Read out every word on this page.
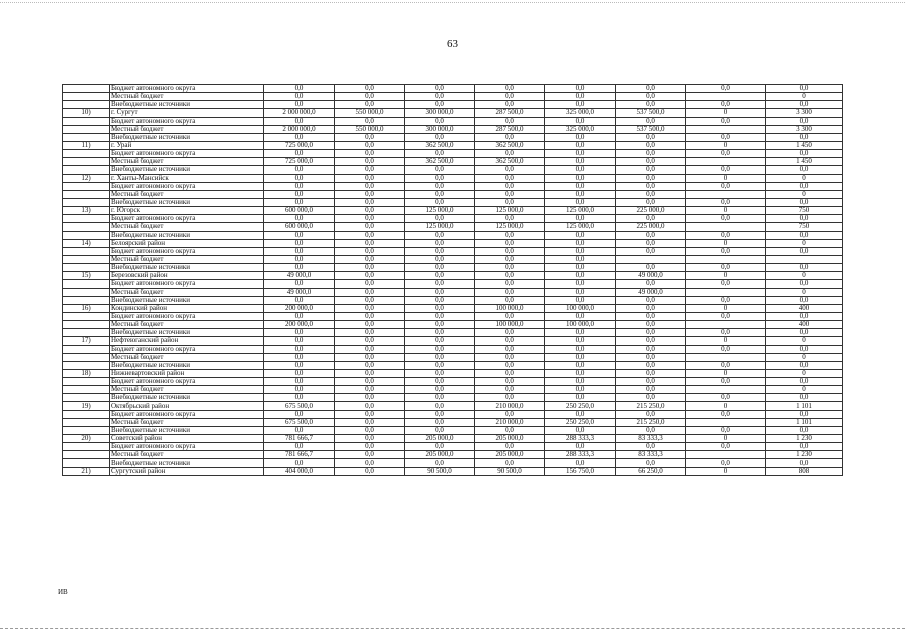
63
	Бюджет автономного округа	0,0	0,0	0,0	0,0	0,0	0,0	0,0	0,0
	Местный бюджет	0,0	0,0	0,0	0,0	0,0	0,0		0
	Внебюджетные источники	0,0	0,0	0,0	0,0	0,0	0,0	0,0	0,0
10)	г. Сургут	2 000 000,0	550 000,0	300 000,0	287 500,0	325 000,0	537 500,0	0	3 300
	Бюджет автономного округа	0,0	0,0	0,0	0,0	0,0	0,0	0,0	0,0
	Местный бюджет	2 000 000,0	550 000,0	300 000,0	287 500,0	325 000,0	537 500,0		3 300
	Внебюджетные источники	0,0	0,0	0,0	0,0	0,0	0,0	0,0	0,0
11)	г. Урай	725 000,0	0,0	362 500,0	362 500,0	0,0	0,0	0	1 450
	Бюджет автономного округа	0,0	0,0	0,0	0,0	0,0	0,0	0,0	0,0
	Местный бюджет	725 000,0	0,0	362 500,0	362 500,0	0,0	0,0		1 450
	Внебюджетные источники	0,0	0,0	0,0	0,0	0,0	0,0	0,0	0,0
12)	г. Ханты-Мансийск	0,0	0,0	0,0	0,0	0,0	0,0	0	0
	Бюджет автономного округа	0,0	0,0	0,0	0,0	0,0	0,0	0,0	0,0
	Местный бюджет	0,0	0,0	0,0	0,0	0,0	0,0		0
	Внебюджетные источники	0,0	0,0	0,0	0,0	0,0	0,0	0,0	0,0
13)	г. Югорск	600 000,0	0,0	125 000,0	125 000,0	125 000,0	225 000,0	0	750
	Бюджет автономного округа	0,0	0,0	0,0	0,0	0,0	0,0	0,0	0,0
	Местный бюджет	600 000,0	0,0	125 000,0	125 000,0	125 000,0	225 000,0		750
	Внебюджетные источники	0,0	0,0	0,0	0,0	0,0	0,0	0,0	0,0
14)	Белоярский район	0,0	0,0	0,0	0,0	0,0	0,0	0	0
	Бюджет автономного округа	0,0	0,0	0,0	0,0	0,0	0,0	0,0	0,0
	Местный бюджет	0,0	0,0	0,0	0,0	0,0			
	Внебюджетные источники	0,0	0,0	0,0	0,0	0,0	0,0	0,0	0,0
15)	Березовский район	49 000,0	0,0	0,0	0,0	0,0	49 000,0	0	0
	Бюджет автономного округа	0,0	0,0	0,0	0,0	0,0	0,0	0,0	0,0
	Местный бюджет	49 000,0	0,0	0,0	0,0	0,0	49 000,0		0
	Внебюджетные источники	0,0	0,0	0,0	0,0	0,0	0,0	0,0	0,0
16)	Кондинский район	200 000,0	0,0	0,0	100 000,0	100 000,0	0,0	0	400
	Бюджет автономного округа	0,0	0,0	0,0	0,0	0,0	0,0	0,0	0,0
	Местный бюджет	200 000,0	0,0	0,0	100 000,0	100 000,0	0,0		400
	Внебюджетные источники	0,0	0,0	0,0	0,0	0,0	0,0	0,0	0,0
17)	Нефтеюганский район	0,0	0,0	0,0	0,0	0,0	0,0	0	0
	Бюджет автономного округа	0,0	0,0	0,0	0,0	0,0	0,0	0,0	0,0
	Местный бюджет	0,0	0,0	0,0	0,0	0,0	0,0		0
	Внебюджетные источники	0,0	0,0	0,0	0,0	0,0	0,0	0,0	0,0
18)	Нижневартовский район	0,0	0,0	0,0	0,0	0,0	0,0	0	0
	Бюджет автономного округа	0,0	0,0	0,0	0,0	0,0	0,0	0,0	0,0
	Местный бюджет	0,0	0,0	0,0	0,0	0,0	0,0		0
	Внебюджетные источники	0,0	0,0	0,0	0,0	0,0	0,0	0,0	0,0
19)	Октябрьский район	675 500,0	0,0	0,0	210 000,0	250 250,0	215 250,0	0	1 101
	Бюджет автономного округа	0,0	0,0	0,0	0,0	0,0	0,0	0,0	0,0
	Местный бюджет	675 500,0	0,0	0,0	210 000,0	250 250,0	215 250,0		1 101
	Внебюджетные источники	0,0	0,0	0,0	0,0	0,0	0,0	0,0	0,0
20)	Советский район	781 666,7	0,0	205 000,0	205 000,0	288 333,3	83 333,3	0	1 230
	Бюджет автономного округа	0,0	0,0	0,0	0,0	0,0	0,0	0,0	0,0
	Местный бюджет	781 666,7	0,0	205 000,0	205 000,0	288 333,3	83 333,3		1 230
	Внебюджетные источники	0,0	0,0	0,0	0,0	0,0	0,0	0,0	0,0
21)	Сургутский район	404 000,0	0,0	90 500,0	90 500,0	156 750,0	66 250,0	0	808
ИВ
